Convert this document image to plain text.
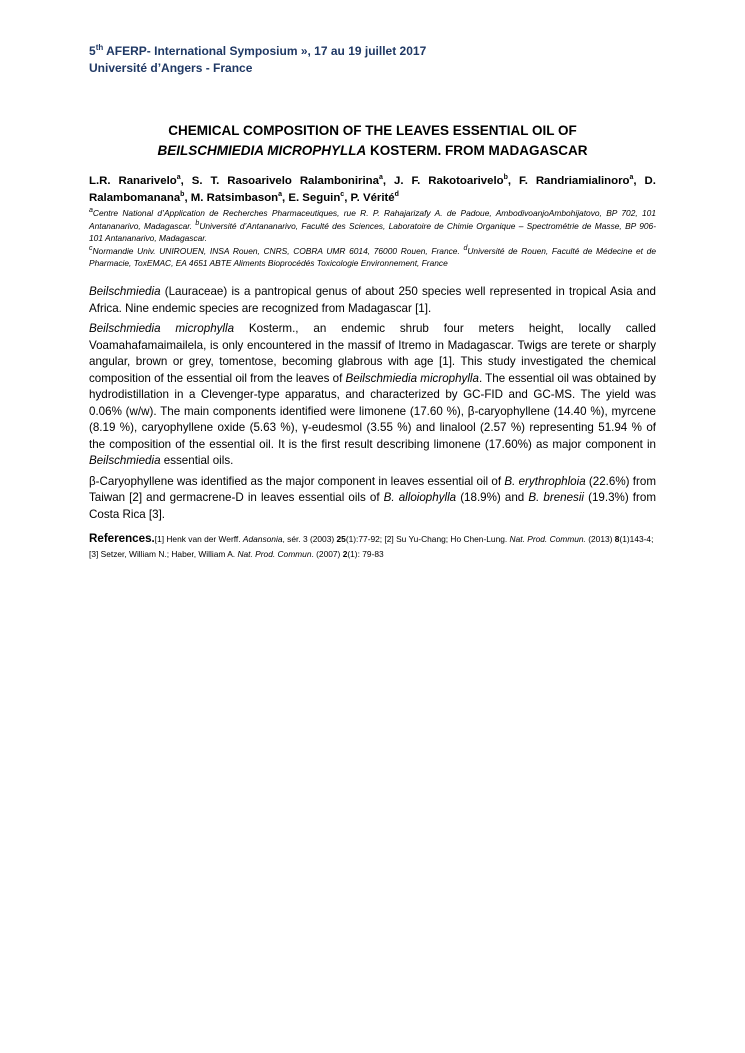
5th AFERP- International Symposium », 17 au 19 juillet 2017
Université d’Angers - France
CHEMICAL COMPOSITION OF THE LEAVES ESSENTIAL OIL OF
BEILSCHMIEDIA MICROPHYLLA KOSTERM. FROM MADAGASCAR
L.R. Ranarivelo$^a$, S. T. Rasoarivelo Ralambonirina$^a$, J. F. Rakotoarivelo$^b$, F. Randriamialinoro$^a$, D. Ralambomanana$^b$, M. Ratsimbason$^a$, E. Seguin$^c$, P. Vérité$^d$
$^a$Centre National d’Application de Recherches Pharmaceutiques, rue R. P. Rahajarizafy A. de Padoue, AmbodivoanjoAmbohijatovo, BP 702, 101 Antananarivo, Madagascar. $^b$Université d’Antananarivo, Faculté des Sciences, Laboratoire de Chimie Organique – Spectrométrie de Masse, BP 906- 101 Antananarivo, Madagascar.
$^c$Normandie Univ. UNIROUEN, INSA Rouen, CNRS, COBRA UMR 6014, 76000 Rouen, France. $^d$Université de Rouen, Faculté de Médecine et de Pharmacie, ToxEMAC, EA 4651 ABTE Aliments Bioprocédés Toxicologie Environnement, France

Beilschmiedia (Lauraceae) is a pantropical genus of about 250 species well represented in tropical Asia and Africa. Nine endemic species are recognized from Madagascar [1].

Beilschmiedia microphylla Kosterm., an endemic shrub four meters height, locally called Voamahafamaimailela, is only encountered in the massif of Itremo in Madagascar. Twigs are terete or sharply angular, brown or grey, tomentose, becoming glabrous with age [1]. This study investigated the chemical composition of the essential oil from the leaves of Beilschmiedia microphylla. The essential oil was obtained by hydrodistillation in a Clevenger-type apparatus, and characterized by GC-FID and GC-MS. The yield was 0.06% (w/w). The main components identified were limonene (17.60 %), β-caryophyllene (14.40 %), myrcene (8.19 %), caryophyllene oxide (5.63 %), γ-eudesmol (3.55 %) and linalool (2.57 %) representing 51.94 % of the composition of the essential oil. It is the first result describing limonene (17.60%) as major component in Beilschmiedia essential oils.

β-Caryophyllene was identified as the major component in leaves essential oil of B. erythrophloia (22.6%) from Taiwan [2] and germacrene-D in leaves essential oils of B. alloiophylla (18.9%) and B. brenesii (19.3%) from Costa Rica [3].

References.[1] Henk van der Werff. Adansonia, sér. 3 (2003) 25(1):77-92; [2] Su Yu-Chang; Ho Chen-Lung. Nat. Prod. Commun. (2013) 8(1)143-4; [3] Setzer, William N.; Haber, William A. Nat. Prod. Commun. (2007) 2(1): 79-83
